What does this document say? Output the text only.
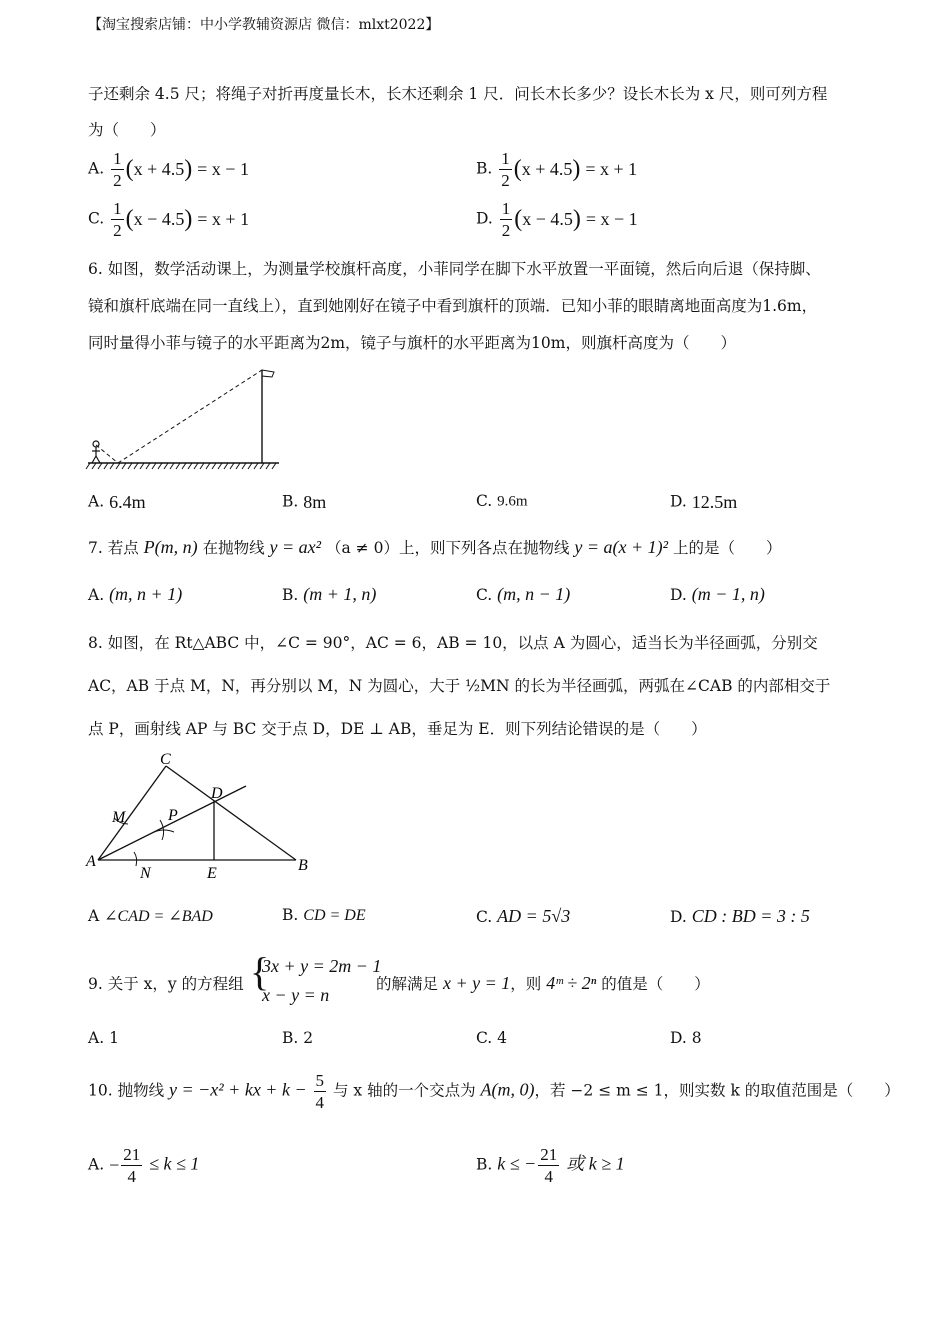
【淘宝搜索店铺：中小学教辅资源店 微信：mlxt2022】
子还剩余 4.5 尺；将绳子对折再度量长木，长木还剩余 1 尺．问长木长多少？设长木长为 x 尺，则可列方程
为（　　）
A. $\frac{1}{2} (x + 4.5) = x - 1$	B. $\frac{1}{2} (x + 4.5) = x + 1$
C. $\frac{1}{2} (x - 4.5) = x + 1$	D. $\frac{1}{2} (x - 4.5) = x - 1$
6. 如图，数学活动课上，为测量学校旗杆高度，小菲同学在脚下水平放置一平面镜，然后向后退（保持脚、
镜和旗杆底端在同一直线上），直到她刚好在镜子中看到旗杆的顶端．已知小菲的眼睛离地面高度为1.6m，
同时量得小菲与镜子的水平距离为2m，镜子与旗杆的水平距离为10m，则旗杆高度为（　　）
A. 6.4m	B. 8m	C. 9.6m	D. 12.5m
7. 若点 P(m, n) 在抛物线 y = ax² （a ≠ 0）上，则下列各点在抛物线 y = a(x + 1)² 上的是（　　）
A. (m, n + 1)	B. (m + 1, n)	C. (m, n − 1)	D. (m − 1, n)
8. 如图，在 Rt△ABC 中，∠C = 90°，AC = 6，AB = 10，以点 A 为圆心，适当长为半径画弧，分别交
AC，AB 于点 M，N，再分别以 M，N 为圆心，大于 ½MN 的长为半径画弧，两弧在∠CAB 的内部相交于
点 P，画射线 AP 与 BC 交于点 D，DE ⊥ AB，垂足为 E．则下列结论错误的是（　　）
C
D
M	P
A
N	E	B
A ∠CAD = ∠BAD	B. CD = DE	C. AD = 5√3	D. CD : BD = 3 : 5
9. 关于 x，y 的方程组 {
3x + y = 2m − 1
x − y = n
的解满足 x + y = 1，则 4ᵐ ÷ 2ⁿ 的值是（　　）
A. 1	B. 2	C. 4	D. 8
10. 抛物线 y = −x² + kx + $k - \frac{5}{4}$ 与 x 轴的一个交点为 A(m, 0)，若 −2 ≤ m ≤ 1，则实数 k 的取值范围是（　　）
A. − $\frac{21}{4} \le k \le 1$	B. k ≤ − $\frac{21}{4}$ 或 k ≥ 1
